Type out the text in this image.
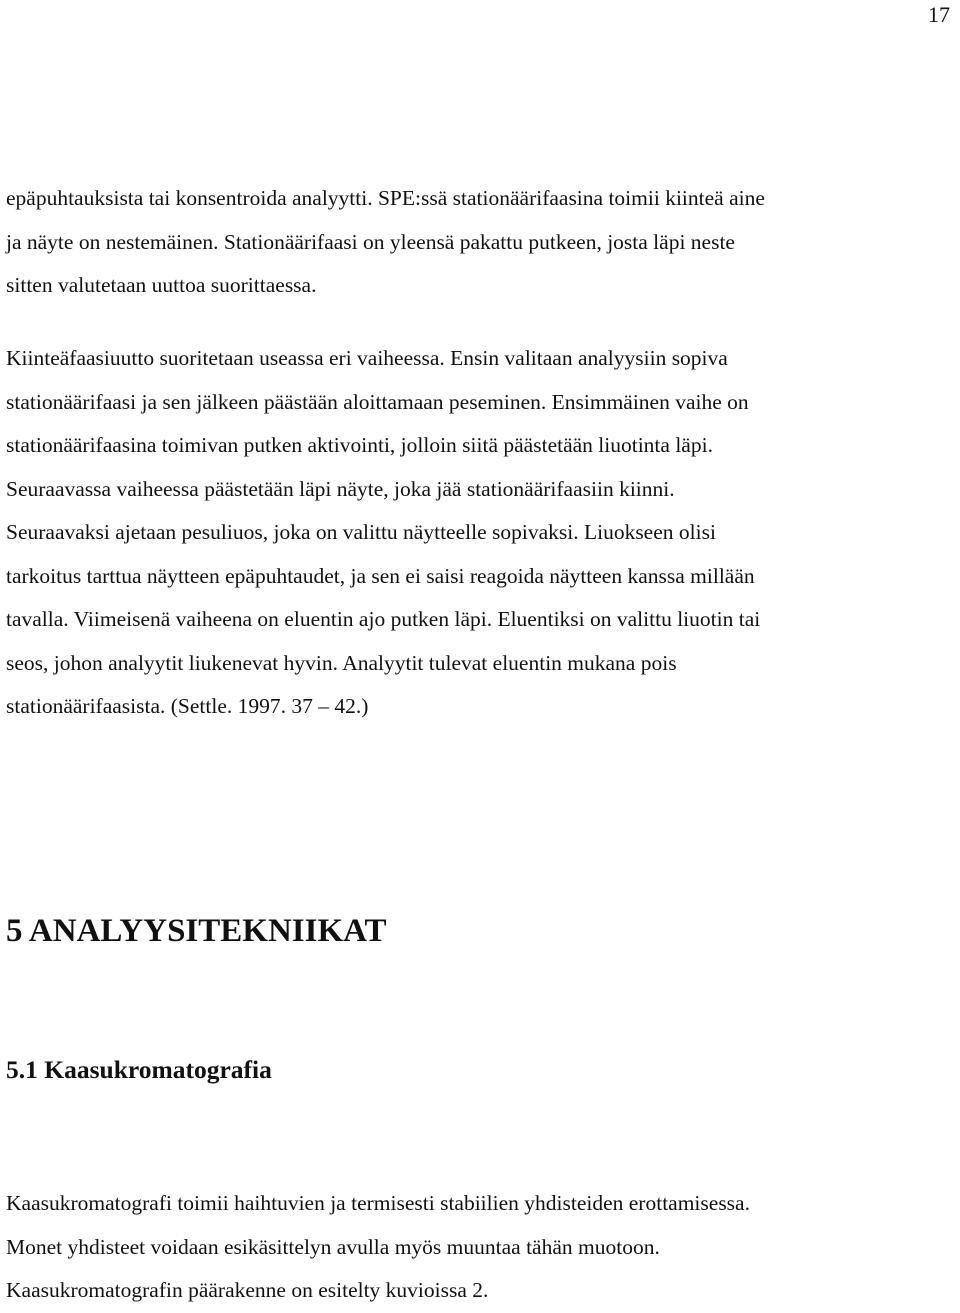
17

epäpuhtauksista tai konsentroida analyytti. SPE:ssä stationäärifaasina toimii kiinteä aine
ja näyte on nestemäinen. Stationäärifaasi on yleensä pakattu putkeen, josta läpi neste
sitten valutetaan uuttoa suorittaessa.

Kiinteäfaasiuutto suoritetaan useassa eri vaiheessa. Ensin valitaan analyysiin sopiva
stationäärifaasi ja sen jälkeen päästään aloittamaan peseminen. Ensimmäinen vaihe on
stationäärifaasina toimivan putken aktivointi, jolloin siitä päästetään liuotinta läpi.
Seuraavassa vaiheessa päästetään läpi näyte, joka jää stationäärifaasiin kiinni.
Seuraavaksi ajetaan pesuliuos, joka on valittu näytteelle sopivaksi. Liuokseen olisi
tarkoitus tarttua näytteen epäpuhtaudet, ja sen ei saisi reagoida näytteen kanssa millään
tavalla. Viimeisenä vaiheena on eluentin ajo putken läpi. Eluentiksi on valittu liuotin tai
seos, johon analyytit liukenevat hyvin. Analyytit tulevat eluentin mukana pois
stationäärifaasista. (Settle. 1997. 37 – 42.)

5 ANALYYSITEKNIIKAT
5.1 Kaasukromatografia

Kaasukromatografi toimii haihtuvien ja termisesti stabiilien yhdisteiden erottamisessa.
Monet yhdisteet voidaan esikäsittelyn avulla myös muuntaa tähän muotoon.
Kaasukromatografin päärakenne on esitelty kuvioissa 2.
